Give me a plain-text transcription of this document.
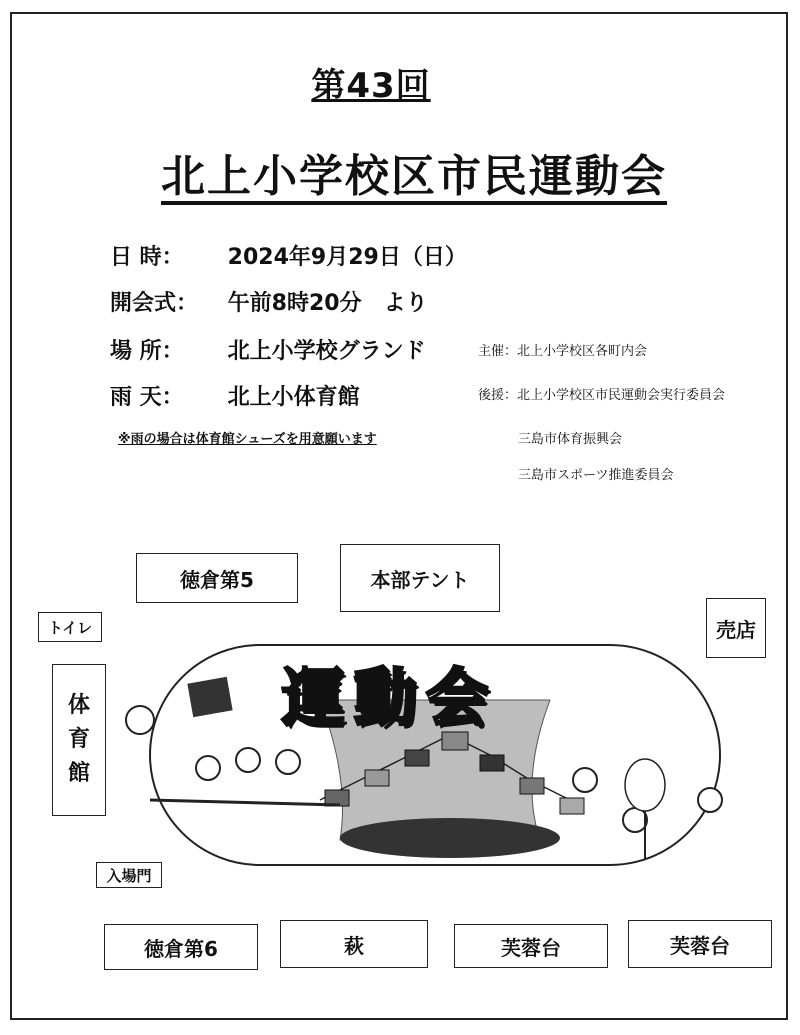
第43回
北上小学校区市民運動会
日 時： 2024年9月29日（日）
開会式： 午前8時20分　より
場 所： 北上小学校グランド
雨 天： 北上小体育館
※雨の場合は体育館シューズを用意願います
主催：北上小学校区各町内会
後援：北上小学校区市民運動会実行委員会
三島市体育振興会
三島市スポーツ推進委員会
徳倉第5	本部テント
トイレ	売店
体
育
館
運動会
入場門
徳倉第6	萩	芙蓉台	芙蓉台
